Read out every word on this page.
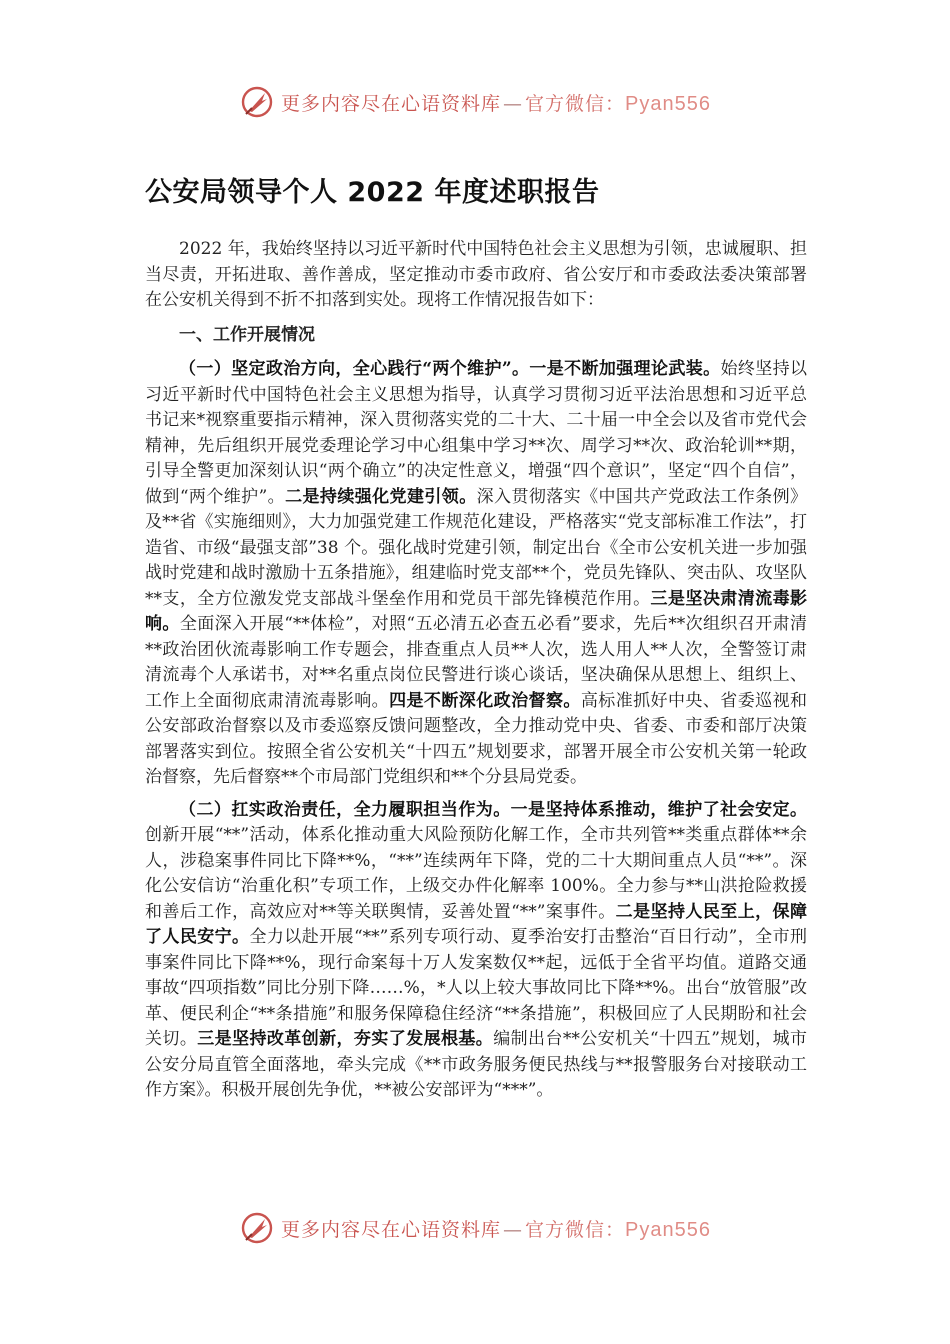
更多内容尽在心语资料库 — 官方微信：Pyan556
公安局领导个人 2022 年度述职报告

2022 年，我始终坚持以习近平新时代中国特色社会主义思想为引领，忠诚履职、担当尽责，开拓进取、善作善成，坚定推动市委市政府、省公安厅和市委政法委决策部署在公安机关得到不折不扣落到实处。现将工作情况报告如下：

一、工作开展情况

（一）坚定政治方向，全心践行“两个维护”。一是不断加强理论武装。始终坚持以习近平新时代中国特色社会主义思想为指导，认真学习贯彻习近平法治思想和习近平总书记来*视察重要指示精神，深入贯彻落实党的二十大、二十届一中全会以及省市党代会精神，先后组织开展党委理论学习中心组集中学习**次、周学习**次、政治轮训**期，引导全警更加深刻认识“两个确立”的决定性意义，增强“四个意识”，坚定“四个自信”，做到“两个维护”。二是持续强化党建引领。深入贯彻落实《中国共产党政法工作条例》及**省《实施细则》，大力加强党建工作规范化建设，严格落实“党支部标准工作法”，打造省、市级“最强支部”38 个。强化战时党建引领，制定出台《全市公安机关进一步加强战时党建和战时激励十五条措施》，组建临时党支部**个，党员先锋队、突击队、攻坚队**支，全方位激发党支部战斗堡垒作用和党员干部先锋模范作用。三是坚决肃清流毒影响。全面深入开展“**体检”，对照“五必清五必查五必看”要求，先后**次组织召开肃清**政治团伙流毒影响工作专题会，排查重点人员**人次，选人用人**人次，全警签订肃清流毒个人承诺书，对**名重点岗位民警进行谈心谈话，坚决确保从思想上、组织上、工作上全面彻底肃清流毒影响。四是不断深化政治督察。高标准抓好中央、省委巡视和公安部政治督察以及市委巡察反馈问题整改，全力推动党中央、省委、市委和部厅决策部署落实到位。按照全省公安机关“十四五”规划要求，部署开展全市公安机关第一轮政治督察，先后督察**个市局部门党组织和**个分县局党委。

（二）扛实政治责任，全力履职担当作为。一是坚持体系推动，维护了社会安定。创新开展“**”活动，体系化推动重大风险预防化解工作，全市共列管**类重点群体**余人，涉稳案事件同比下降**%，“**”连续两年下降，党的二十大期间重点人员“**”。深化公安信访“治重化积”专项工作，上级交办件化解率 100%。全力参与**山洪抢险救援和善后工作，高效应对**等关联舆情，妥善处置“**”案事件。二是坚持人民至上，保障了人民安宁。全力以赴开展“**”系列专项行动、夏季治安打击整治“百日行动”，全市刑事案件同比下降**%，现行命案每十万人发案数仅**起，远低于全省平均值。道路交通事故“四项指数”同比分别下降……%，*人以上较大事故同比下降**%。出台“放管服”改革、便民利企“**条措施”和服务保障稳住经济“**条措施”，积极回应了人民期盼和社会关切。三是坚持改革创新，夯实了发展根基。编制出台**公安机关“十四五”规划，城市公安分局直管全面落地，牵头完成《**市政务服务便民热线与**报警服务台对接联动工作方案》。积极开展创先争优，**被公安部评为“***”。

更多内容尽在心语资料库 — 官方微信：Pyan556
